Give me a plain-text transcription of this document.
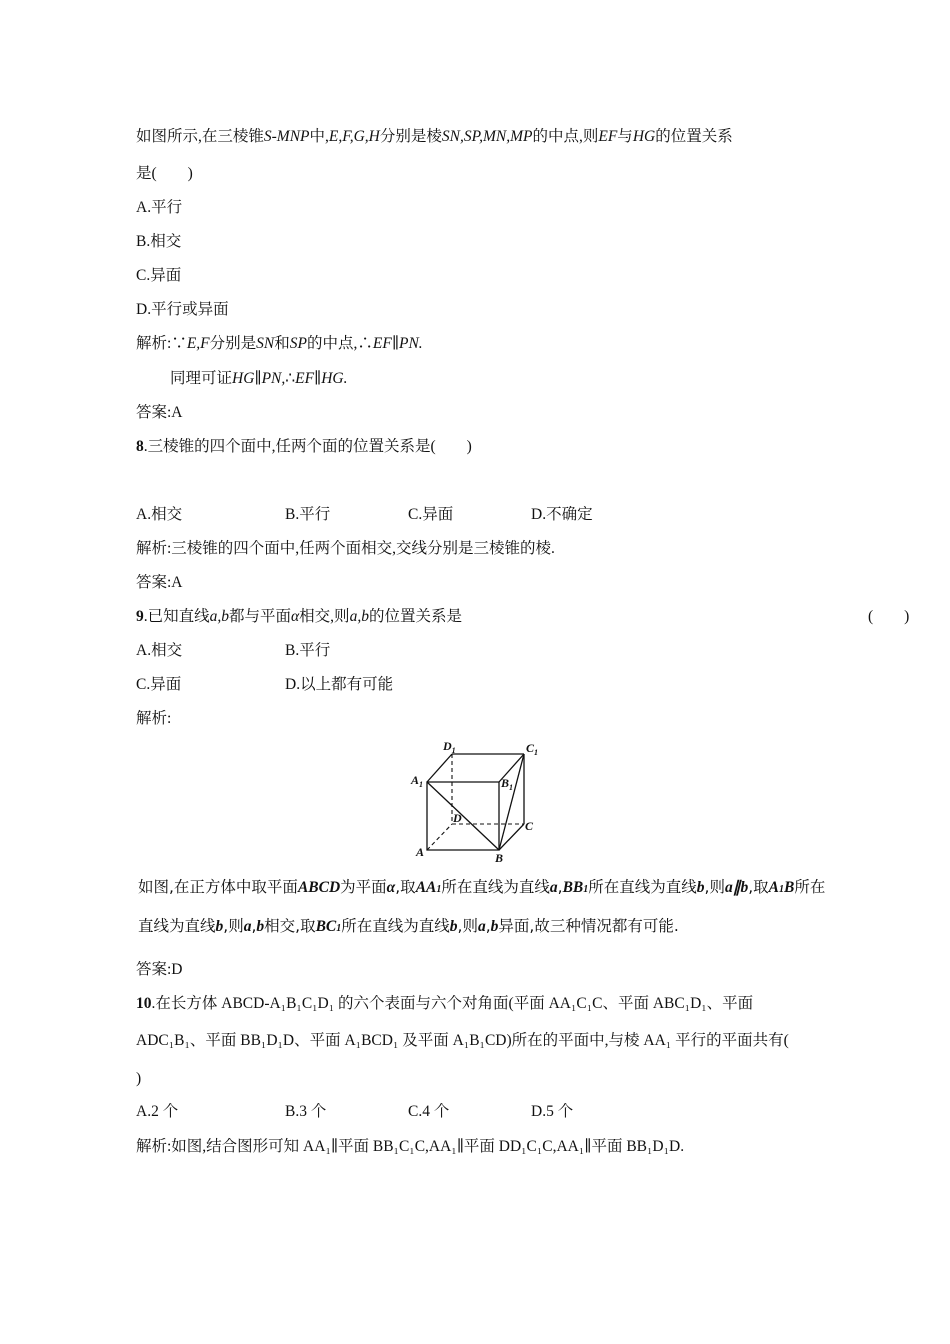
如图所示,在三棱锥S-MNP中,E,F,G,H分别是棱SN,SP,MN,MP的中点,则EF与HG的位置关系
是(　　)
A.平行
B.相交
C.异面
D.平行或异面
解析:∵E,F分别是SN和SP的中点,∴EF∥PN.
同理可证HG∥PN,∴EF∥HG.
答案:A
8.三棱锥的四个面中,任两个面的位置关系是(　　)
A.相交	B.平行	C.异面	D.不确定
解析:三棱锥的四个面中,任两个面相交,交线分别是三棱锥的棱.
答案:A
9.已知直线a,b都与平面α相交,则a,b的位置关系是	(　　)
A.相交	B.平行
C.异面	D.以上都有可能
解析:
$D_1$	$C_1$
$A_1$	$B_1$
D
C
A	B
如图,在正方体中取平面ABCD为平面α,取AA1所在直线为直线a,BB1所在直线为直线b,则a∥b,取A1B所在
直线为直线b,则a,b相交,取BC1所在直线为直线b,则a,b异面,故三种情况都有可能.
答案:D
10.在长方体 ABCD-A₁B₁C₁D₁ 的六个表面与六个对角面(平面 AA₁C₁C、平面 ABC₁D₁、平面
ADC₁B₁、平面 BB₁D₁D、平面 A₁BCD₁ 及平面 A₁B₁CD)所在的平面中,与棱 AA₁ 平行的平面共有(
)
A.2 个	B.3 个	C.4 个	D.5 个
解析:如图,结合图形可知 AA₁∥平面 BB₁C₁C,AA₁∥平面 DD₁C₁C,AA₁∥平面 BB₁D₁D.
